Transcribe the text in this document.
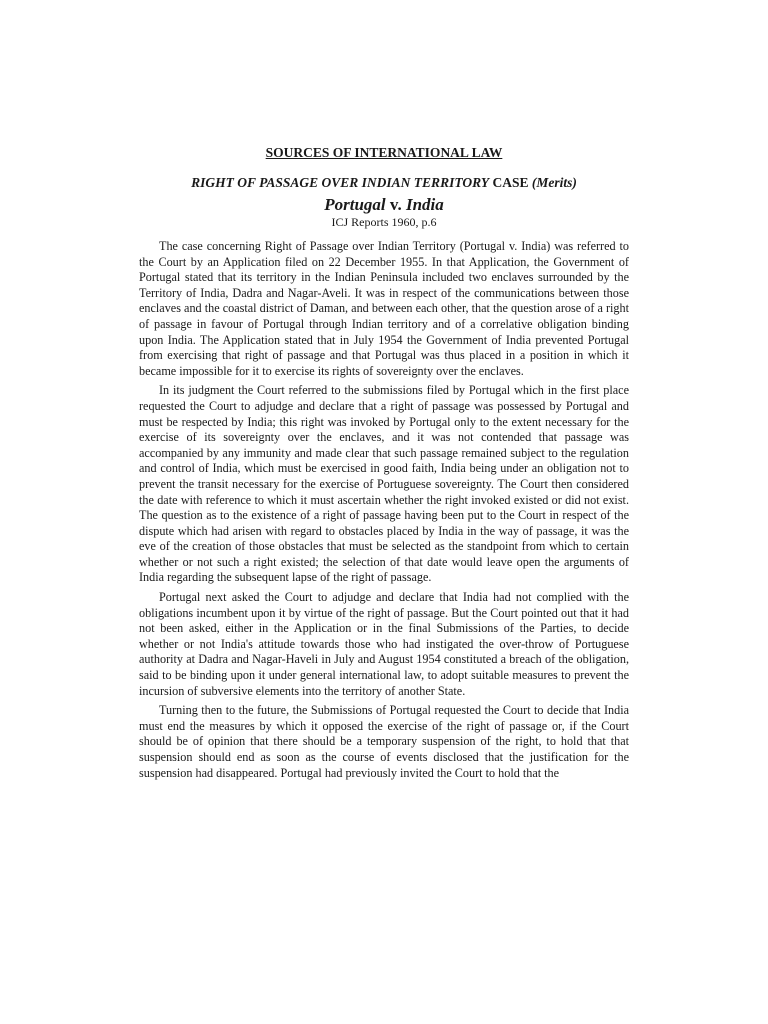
SOURCES OF INTERNATIONAL LAW

RIGHT OF PASSAGE OVER INDIAN TERRITORY CASE (Merits)

Portugal v. India

ICJ Reports 1960, p.6

The case concerning Right of Passage over Indian Territory (Portugal v. India) was referred to the Court by an Application filed on 22 December 1955. In that Application, the Government of Portugal stated that its territory in the Indian Peninsula included two enclaves surrounded by the Territory of India, Dadra and Nagar-Aveli. It was in respect of the communications between those enclaves and the coastal district of Daman, and between each other, that the question arose of a right of passage in favour of Portugal through Indian territory and of a correlative obligation binding upon India. The Application stated that in July 1954 the Government of India prevented Portugal from exercising that right of passage and that Portugal was thus placed in a position in which it became impossible for it to exercise its rights of sovereignty over the enclaves.

In its judgment the Court referred to the submissions filed by Portugal which in the first place requested the Court to adjudge and declare that a right of passage was possessed by Portugal and must be respected by India; this right was invoked by Portugal only to the extent necessary for the exercise of its sovereignty over the enclaves, and it was not contended that passage was accompanied by any immunity and made clear that such passage remained subject to the regulation and control of India, which must be exercised in good faith, India being under an obligation not to prevent the transit necessary for the exercise of Portuguese sovereignty. The Court then considered the date with reference to which it must ascertain whether the right invoked existed or did not exist. The question as to the existence of a right of passage having been put to the Court in respect of the dispute which had arisen with regard to obstacles placed by India in the way of passage, it was the eve of the creation of those obstacles that must be selected as the standpoint from which to certain whether or not such a right existed; the selection of that date would leave open the arguments of India regarding the subsequent lapse of the right of passage.

Portugal next asked the Court to adjudge and declare that India had not complied with the obligations incumbent upon it by virtue of the right of passage. But the Court pointed out that it had not been asked, either in the Application or in the final Submissions of the Parties, to decide whether or not India's attitude towards those who had instigated the over-throw of Portuguese authority at Dadra and Nagar-Haveli in July and August 1954 constituted a breach of the obligation, said to be binding upon it under general international law, to adopt suitable measures to prevent the incursion of subversive elements into the territory of another State.

Turning then to the future, the Submissions of Portugal requested the Court to decide that India must end the measures by which it opposed the exercise of the right of passage or, if the Court should be of opinion that there should be a temporary suspension of the right, to hold that that suspension should end as soon as the course of events disclosed that the justification for the suspension had disappeared. Portugal had previously invited the Court to hold that the
